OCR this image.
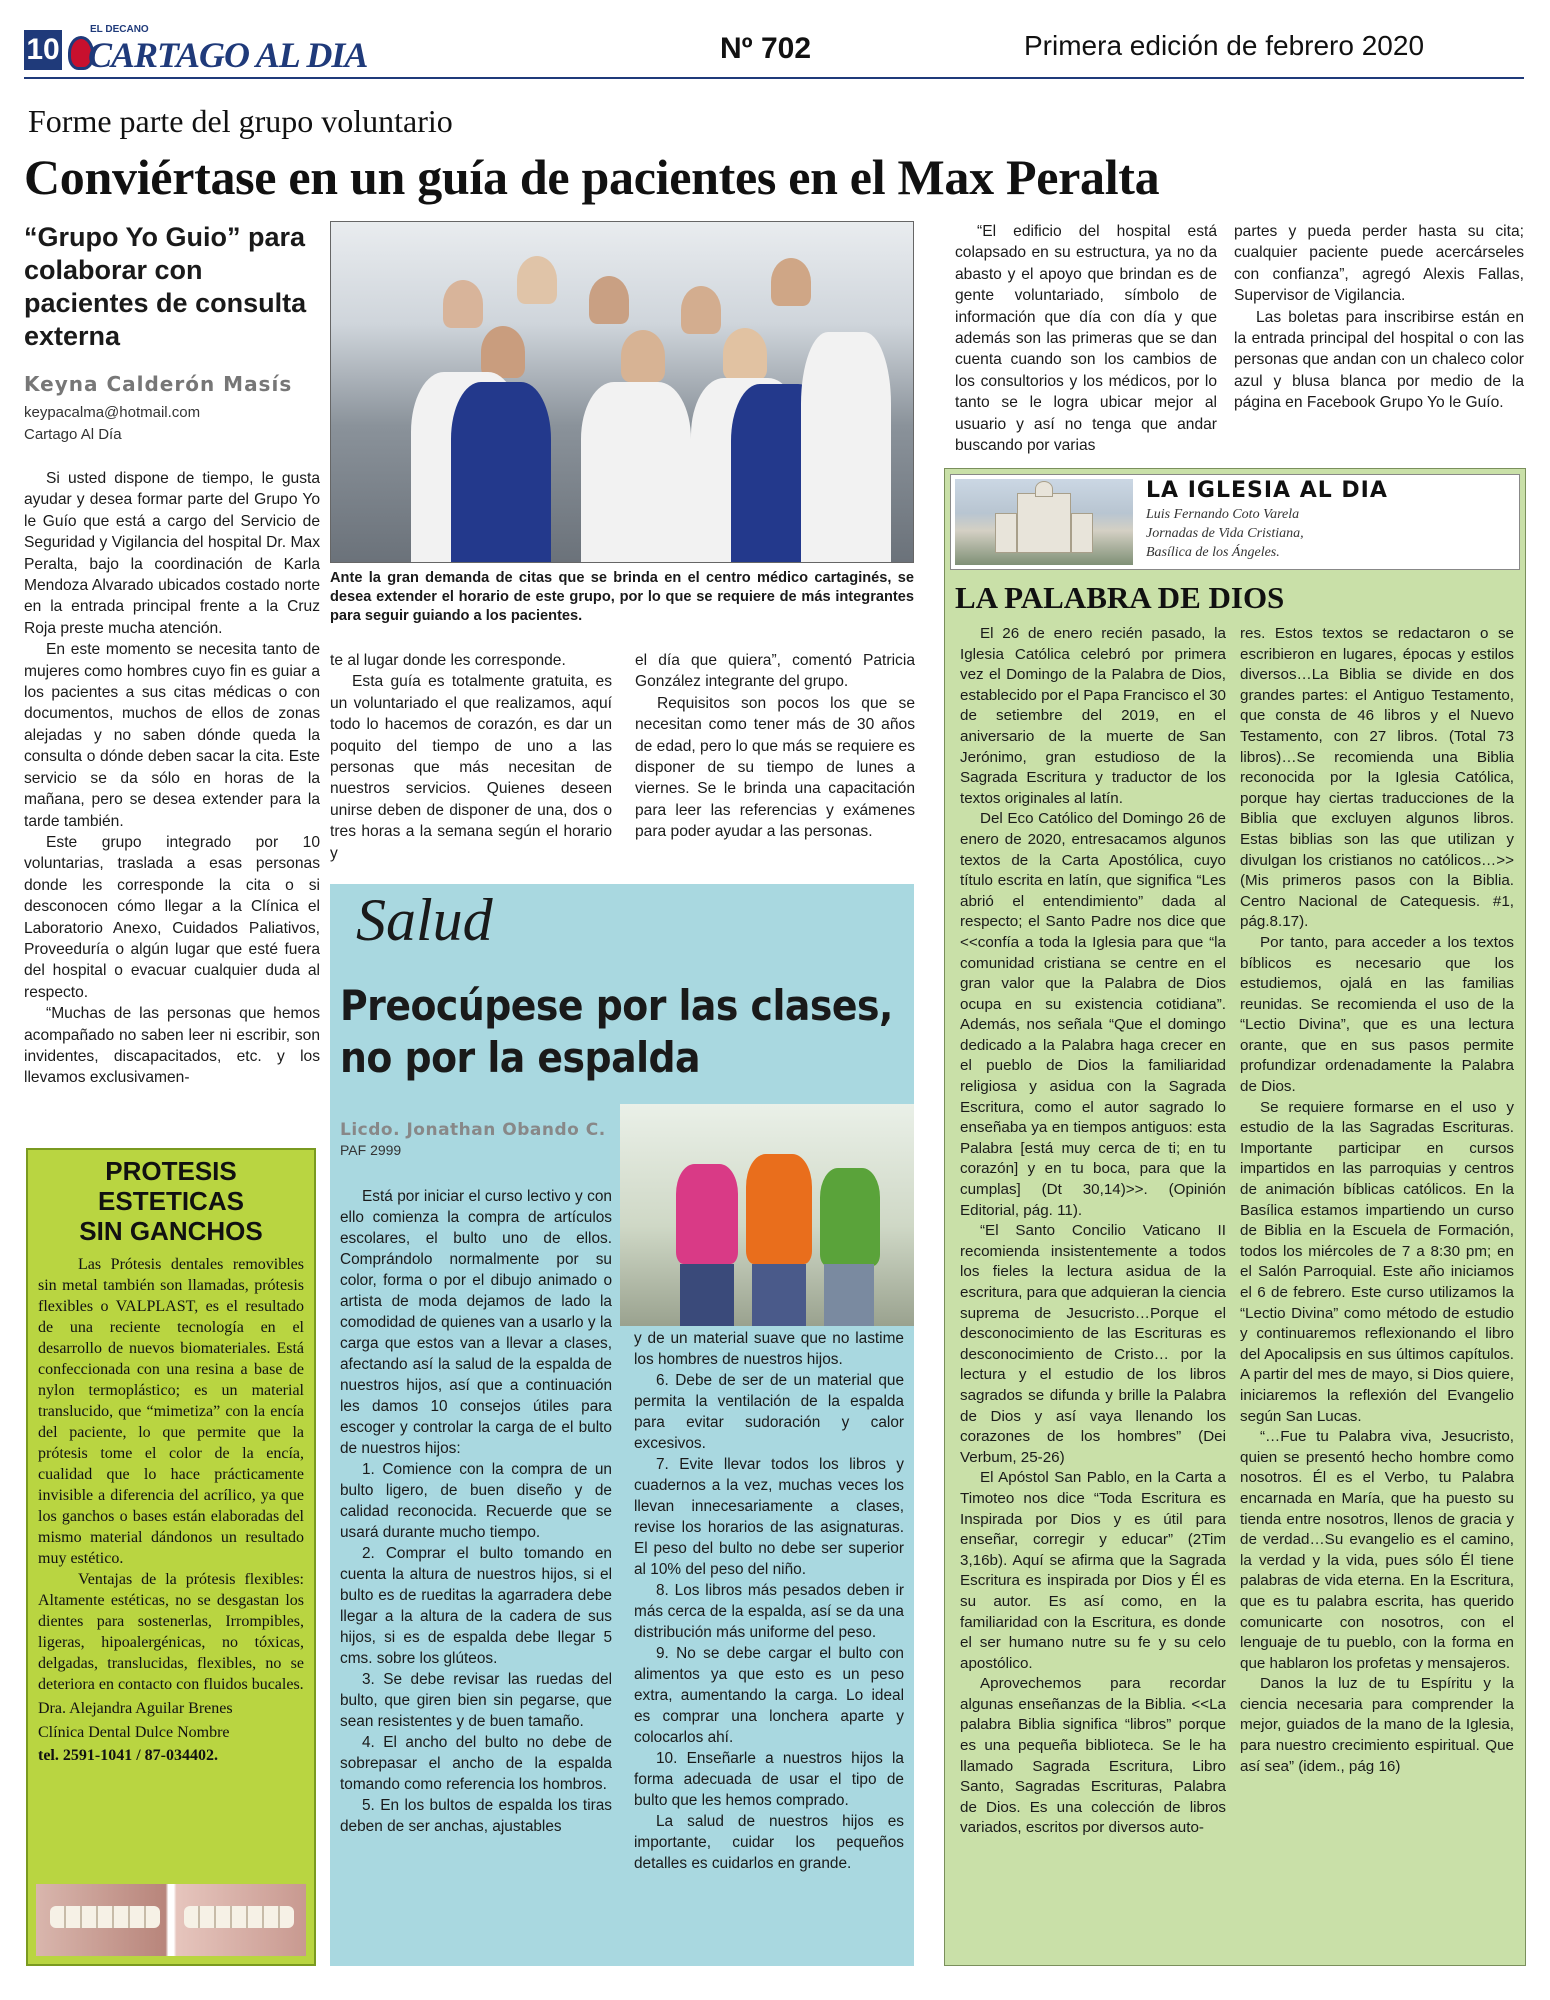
10
EL DECANO
CARTAGO AL DIA	Nº 702	Primera edición de febrero 2020
Forme parte del grupo voluntario
Conviértase en un guía de pacientes en el Max Peralta
“Grupo Yo Guio” para colaborar con pacientes de consulta externa
Keyna Calderón Masís
keypacalma@hotmail.com
Cartago Al Día

Si usted dispone de tiempo, le gusta ayudar y desea formar parte del Grupo Yo le Guío que está a cargo del Servicio de Seguridad y Vigilancia del hospital Dr. Max Peralta, bajo la coordinación de Karla Mendoza Alvarado ubicados costado norte en la entrada principal frente a la Cruz Roja preste mucha atención.

En este momento se necesita tanto de mujeres como hombres cuyo fin es guiar a los pacientes a sus citas médicas o con documentos, muchos de ellos de zonas alejadas y no saben dónde queda la consulta o dónde deben sacar la cita. Este servicio se da sólo en horas de la mañana, pero se desea extender para la tarde también.

Este grupo integrado por 10 voluntarias, traslada a esas personas donde les corresponde la cita o si desconocen cómo llegar a la Clínica el Laboratorio Anexo, Cuidados Paliativos, Proveeduría o algún lugar que esté fuera del hospital o evacuar cualquier duda al respecto.

“Muchas de las personas que hemos acompañado no saben leer ni escribir, son invidentes, discapacitados, etc. y los llevamos exclusivamen-

PROTESIS ESTETICAS
SIN GANCHOS

Las Prótesis dentales removibles sin metal también son llamadas, prótesis flexibles o VALPLAST, es el resultado de una reciente tecnología en el desarrollo de nuevos biomateriales. Está confeccionada con una resina a base de nylon termoplástico; es un material translucido, que “mimetiza” con la encía del paciente, lo que permite que la prótesis tome el color de la encía, cualidad que lo hace prácticamente invisible a diferencia del acrílico, ya que los ganchos o bases están elaboradas del mismo material dándonos un resultado muy estético.

Ventajas de la prótesis flexibles: Altamente estéticas, no se desgastan los dientes para sostenerlas, Irrompibles, ligeras, hipoalergénicas, no tóxicas, delgadas, translucidas, flexibles, no se deteriora en contacto con fluidos bucales.

Dra. Alejandra Aguilar Brenes
Clínica Dental Dulce Nombre
tel. 2591-1041 / 87-034402.
Ante la gran demanda de citas que se brinda en el centro médico cartaginés, se desea extender el horario de este grupo, por lo que se requiere de más integrantes para seguir guiando a los pacientes.

te al lugar donde les corresponde.

Esta guía es totalmente gratuita, es un voluntariado el que realizamos, aquí todo lo hacemos de corazón, es dar un poquito del tiempo de uno a las personas que más necesitan de nuestros servicios. Quienes deseen unirse deben de disponer de una, dos o tres horas a la semana según el horario y

el día que quiera”, comentó Patricia González integrante del grupo.

Requisitos son pocos los que se necesitan como tener más de 30 años de edad, pero lo que más se requiere es disponer de su tiempo de lunes a viernes. Se le brinda una capacitación para leer las referencias y exámenes para poder ayudar a las personas.

“El edificio del hospital está colapsado en su estructura, ya no da abasto y el apoyo que brindan es de gente voluntariado, símbolo de información que día con día y que además son las primeras que se dan cuenta cuando son los cambios de los consultorios y los médicos, por lo tanto se le logra ubicar mejor al usuario y así no tenga que andar buscando por varias

partes y pueda perder hasta su cita; cualquier paciente puede acercárseles con confianza”, agregó Alexis Fallas, Supervisor de Vigilancia.

Las boletas para inscribirse están en la entrada principal del hospital o con las personas que andan con un chaleco color azul y blusa blanca por medio de la página en Facebook Grupo Yo le Guío.

Salud
Preocúpese por las clases,
no por la espalda
Licdo. Jonathan Obando C.
PAF 2999

Está por iniciar el curso lectivo y con ello comienza la compra de artículos escolares, el bulto uno de ellos. Comprándolo normalmente por su color, forma o por el dibujo animado o artista de moda dejamos de lado la comodidad de quienes van a usarlo y la carga que estos van a llevar a clases, afectando así la salud de la espalda de nuestros hijos, así que a continuación les damos 10 consejos útiles para escoger y controlar la carga de el bulto de nuestros hijos:

1. Comience con la compra de un bulto ligero, de buen diseño y de calidad reconocida. Recuerde que se usará durante mucho tiempo.

2. Comprar el bulto tomando en cuenta la altura de nuestros hijos, si el bulto es de rueditas la agarradera debe llegar a la altura de la cadera de sus hijos, si es de espalda debe llegar 5 cms. sobre los glúteos.

3. Se debe revisar las ruedas del bulto, que giren bien sin pegarse, que sean resistentes y de buen tamaño.

4. El ancho del bulto no debe de sobrepasar el ancho de la espalda tomando como referencia los hombros.

5. En los bultos de espalda los tiras deben de ser anchas, ajustables

y de un material suave que no lastime los hombres de nuestros hijos.

6. Debe de ser de un material que permita la ventilación de la espalda para evitar sudoración y calor excesivos.

7. Evite llevar todos los libros y cuadernos a la vez, muchas veces los llevan innecesariamente a clases, revise los horarios de las asignaturas. El peso del bulto no debe ser superior al 10% del peso del niño.

8. Los libros más pesados deben ir más cerca de la espalda, así se da una distribución más uniforme del peso.

9. No se debe cargar el bulto con alimentos ya que esto es un peso extra, aumentando la carga. Lo ideal es comprar una lonchera aparte y colocarlos ahí.

10. Enseñarle a nuestros hijos la forma adecuada de usar el tipo de bulto que les hemos comprado.

La salud de nuestros hijos es importante, cuidar los pequeños detalles es cuidarlos en grande.

LA IGLESIA AL DIA
Luis Fernando Coto Varela
Jornadas de Vida Cristiana,
Basílica de los Ángeles.
LA PALABRA DE DIOS

El 26 de enero recién pasado, la Iglesia Católica celebró por primera vez el Domingo de la Palabra de Dios, establecido por el Papa Francisco el 30 de setiembre del 2019, en el aniversario de la muerte de San Jerónimo, gran estudioso de la Sagrada Escritura y traductor de los textos originales al latín.

Del Eco Católico del Domingo 26 de enero de 2020, entresacamos algunos textos de la Carta Apostólica, cuyo título escrita en latín, que significa “Les abrió el entendimiento” dada al respecto; el Santo Padre nos dice que <<confía a toda la Iglesia para que “la comunidad cristiana se centre en el gran valor que la Palabra de Dios ocupa en su existencia cotidiana”. Además, nos señala “Que el domingo dedicado a la Palabra haga crecer en el pueblo de Dios la familiaridad religiosa y asidua con la Sagrada Escritura, como el autor sagrado lo enseñaba ya en tiempos antiguos: esta Palabra [está muy cerca de ti; en tu corazón] y en tu boca, para que la cumplas] (Dt 30,14)>>. (Opinión Editorial, pág. 11).

“El Santo Concilio Vaticano II recomienda insistentemente a todos los fieles la lectura asidua de la escritura, para que adquieran la ciencia suprema de Jesucristo…Porque el desconocimiento de las Escrituras es desconocimiento de Cristo… por la lectura y el estudio de los libros sagrados se difunda y brille la Palabra de Dios y así vaya llenando los corazones de los hombres” (Dei Verbum, 25-26)

El Apóstol San Pablo, en la Carta a Timoteo nos dice “Toda Escritura es Inspirada por Dios y es útil para enseñar, corregir y educar” (2Tim 3,16b). Aquí se afirma que la Sagrada Escritura es inspirada por Dios y Él es su autor. Es así como, en la familiaridad con la Escritura, es donde el ser humano nutre su fe y su celo apostólico.

Aprovechemos para recordar algunas enseñanzas de la Biblia. <<La palabra Biblia significa “libros” porque es una pequeña biblioteca. Se le ha llamado Sagrada Escritura, Libro Santo, Sagradas Escrituras, Palabra de Dios. Es una colección de libros variados, escritos por diversos auto-

res. Estos textos se redactaron o se escribieron en lugares, épocas y estilos diversos…La Biblia se divide en dos grandes partes: el Antiguo Testamento, que consta de 46 libros y el Nuevo Testamento, con 27 libros. (Total 73 libros)…Se recomienda una Biblia reconocida por la Iglesia Católica, porque hay ciertas traducciones de la Biblia que excluyen algunos libros. Estas biblias son las que utilizan y divulgan los cristianos no católicos…>> (Mis primeros pasos con la Biblia. Centro Nacional de Catequesis. #1, pág.8.17).

Por tanto, para acceder a los textos bíblicos es necesario que los estudiemos, ojalá en las familias reunidas. Se recomienda el uso de la “Lectio Divina”, que es una lectura orante, que en sus pasos permite profundizar ordenadamente la Palabra de Dios.

Se requiere formarse en el uso y estudio de la las Sagradas Escrituras. Importante participar en cursos impartidos en las parroquias y centros de animación bíblicas católicos. En la Basílica estamos impartiendo un curso de Biblia en la Escuela de Formación, todos los miércoles de 7 a 8:30 pm; en el Salón Parroquial. Este año iniciamos el 6 de febrero. Este curso utilizamos la “Lectio Divina” como método de estudio y continuaremos reflexionando el libro del Apocalipsis en sus últimos capítulos. A partir del mes de mayo, si Dios quiere, iniciaremos la reflexión del Evangelio según San Lucas.

“…Fue tu Palabra viva, Jesucristo, quien se presentó hecho hombre como nosotros. Él es el Verbo, tu Palabra encarnada en María, que ha puesto su tienda entre nosotros, llenos de gracia y de verdad…Su evangelio es el camino, la verdad y la vida, pues sólo Él tiene palabras de vida eterna. En la Escritura, que es tu palabra escrita, has querido comunicarte con nosotros, con el lenguaje de tu pueblo, con la forma en que hablaron los profetas y mensajeros.

Danos la luz de tu Espíritu y la ciencia necesaria para comprender la mejor, guiados de la mano de la Iglesia, para nuestro crecimiento espiritual. Que así sea” (idem., pág 16)
